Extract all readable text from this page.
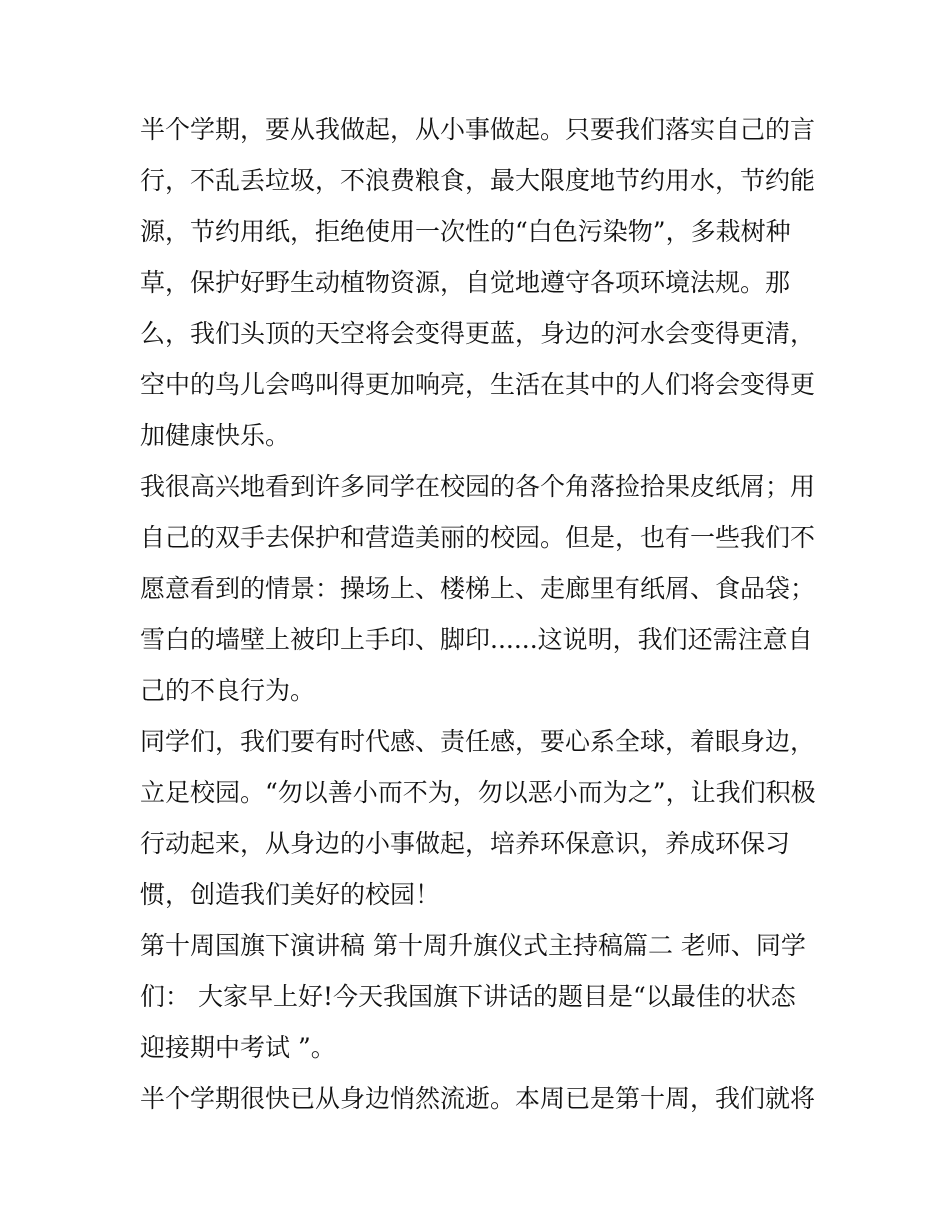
半个学期，要从我做起，从小事做起。只要我们落实自己的言
行，不乱丢垃圾，不浪费粮食，最大限度地节约用水，节约能
源，节约用纸，拒绝使用一次性的“白色污染物”，多栽树种
草，保护好野生动植物资源，自觉地遵守各项环境法规。那
么，我们头顶的天空将会变得更蓝，身边的河水会变得更清，
空中的鸟儿会鸣叫得更加响亮，生活在其中的人们将会变得更
加健康快乐。
我很高兴地看到许多同学在校园的各个角落捡拾果皮纸屑；用
自己的双手去保护和营造美丽的校园。但是，也有一些我们不
愿意看到的情景：操场上、楼梯上、走廊里有纸屑、食品袋；
雪白的墙壁上被印上手印、脚印......这说明，我们还需注意自
己的不良行为。
同学们，我们要有时代感、责任感，要心系全球，着眼身边，
立足校园。“勿以善小而不为，勿以恶小而为之”，让我们积极
行动起来，从身边的小事做起，培养环保意识，养成环保习
惯，创造我们美好的校园！
第十周国旗下演讲稿 第十周升旗仪式主持稿篇二 老师、同学
们： 大家早上好!今天我国旗下讲话的题目是“以最佳的状态
迎接期中考试 ”。
半个学期很快已从身边悄然流逝。本周已是第十周，我们就将
